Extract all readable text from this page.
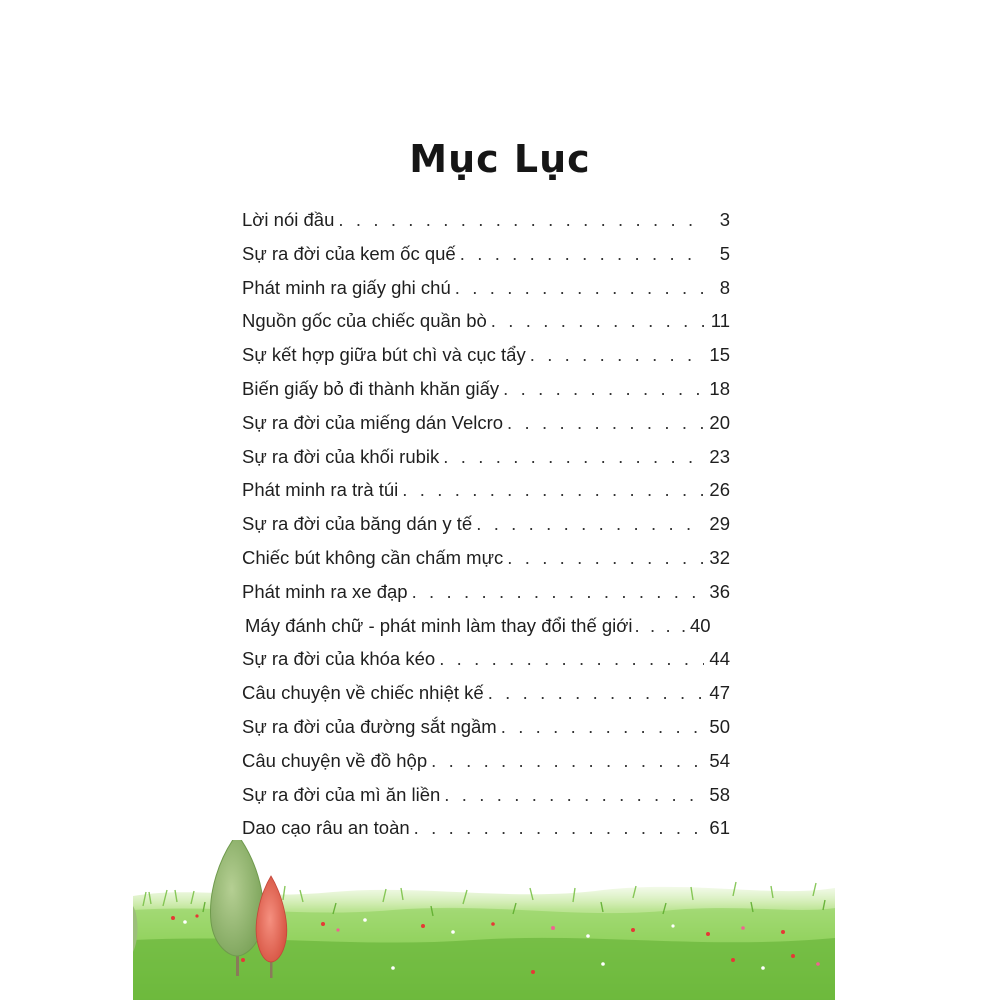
Mục Lục
Lời nói đầu . . .	3
Sự ra đời của kem ốc quế . . .	5
Phát minh ra giấy ghi chú . . .	8
Nguồn gốc của chiếc quần bò . . .	11
Sự kết hợp giữa bút chì và cục tẩy . . .	15
Biến giấy bỏ đi thành khăn giấy . . .	18
Sự ra đời của miếng dán Velcro . . .	20
Sự ra đời của khối rubik . . .	23
Phát minh ra trà túi . . .	26
Sự ra đời của băng dán y tế . . .	29
Chiếc bút không cần chấm mực . . .	32
Phát minh ra xe đạp . . .	36
Máy đánh chữ - phát minh làm thay đổi thế giới . . .	40
Sự ra đời của khóa kéo . . .	44
Câu chuyện về chiếc nhiệt kế . . .	47
Sự ra đời của đường sắt ngầm . . .	50
Câu chuyện về đồ hộp . . .	54
Sự ra đời của mì ăn liền . . .	58
Dao cạo râu an toàn . . .	61
